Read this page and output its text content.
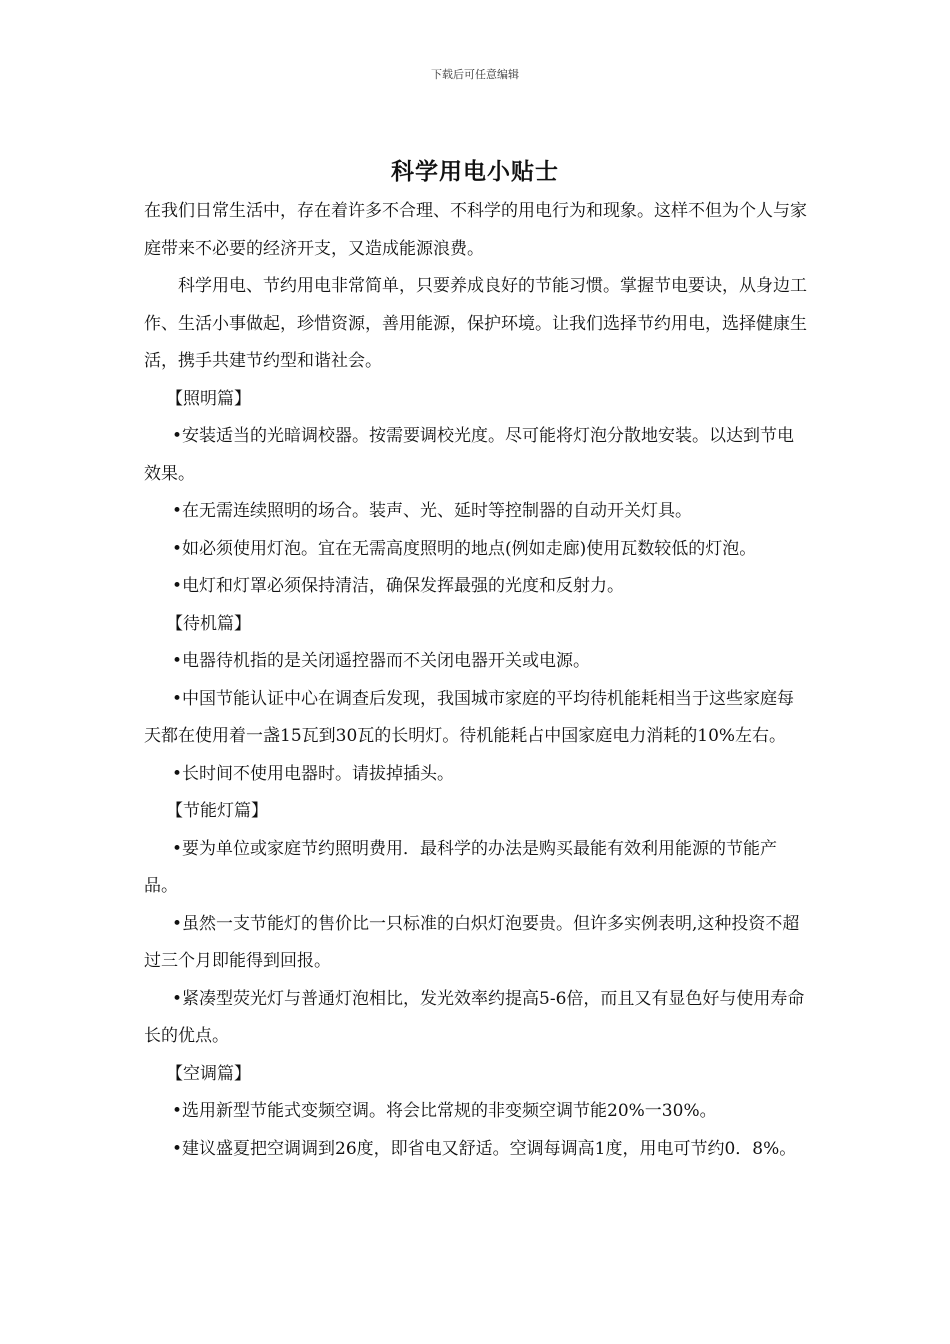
下载后可任意编辑
科学用电小贴士

在我们日常生活中，存在着许多不合理、不科学的用电行为和现象。这样不但为个人与家庭带来不必要的经济开支，又造成能源浪费。

科学用电、节约用电非常简单，只要养成良好的节能习惯。掌握节电要诀，从身边工作、生活小事做起，珍惜资源，善用能源，保护环境。让我们选择节约用电，选择健康生活，携手共建节约型和谐社会。

【照明篇】

•安装适当的光暗调校器。按需要调校光度。尽可能将灯泡分散地安装。以达到节电效果。

•在无需连续照明的场合。装声、光、延时等控制器的自动开关灯具。

•如必须使用灯泡。宜在无需高度照明的地点(例如走廊)使用瓦数较低的灯泡。

•电灯和灯罩必须保持清洁，确保发挥最强的光度和反射力。

【待机篇】

•电器待机指的是关闭遥控器而不关闭电器开关或电源。

•中国节能认证中心在调查后发现，我国城市家庭的平均待机能耗相当于这些家庭每天都在使用着一盏15瓦到30瓦的长明灯。待机能耗占中国家庭电力消耗的10%左右。

•长时间不使用电器时。请拔掉插头。

【节能灯篇】

•要为单位或家庭节约照明费用．最科学的办法是购买最能有效利用能源的节能产品。

•虽然一支节能灯的售价比一只标准的白炽灯泡要贵。但许多实例表明,这种投资不超过三个月即能得到回报。

•紧凑型荧光灯与普通灯泡相比，发光效率约提高5-6倍，而且又有显色好与使用寿命长的优点。

【空调篇】

•选用新型节能式变频空调。将会比常规的非变频空调节能20%一30%。

•建议盛夏把空调调到26度，即省电又舒适。空调每调高1度，用电可节约0．8%。
